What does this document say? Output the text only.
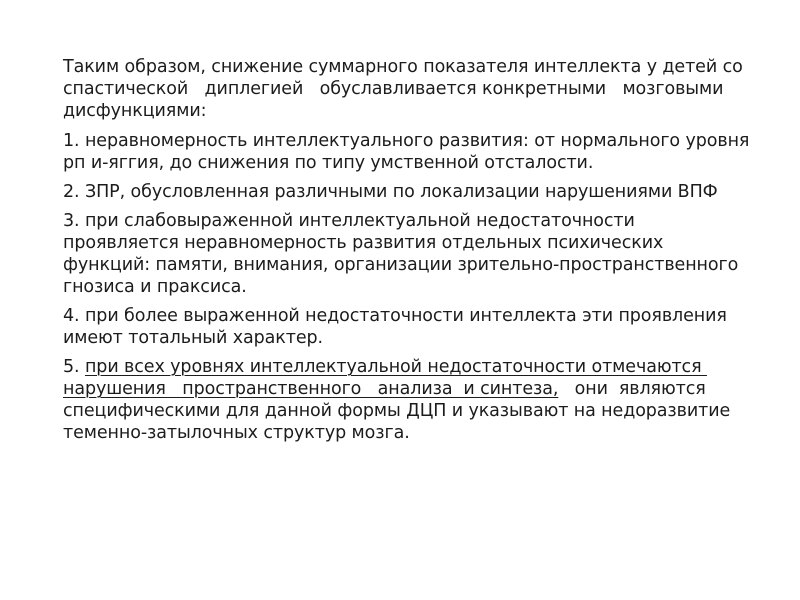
Таким образом, снижение суммарного показателя интеллекта у детей со спастической   диплегией   обуславливается конкретными   мозговыми дисфункциями:

1. неравномерность интеллектуального развития: от нормального уровня рп и-яггия, до снижения по типу умственной отсталости.

2. ЗПР, обусловленная различными по локализации нарушениями ВПФ

3. при слабовыраженной интеллектуальной недостаточности проявляется неравномерность развития отдельных психических функций: памяти, внимания, организации зрительно-пространственного гнозиса и праксиса.

4. при более выраженной недостаточности интеллекта эти проявления имеют тотальный характер.

5. при всех уровнях интеллектуальной недостаточности отмечаются нарушения   пространственного   анализа  и синтеза,   они  являются специфическими для данной формы ДЦП и указывают на недоразвитие теменно-затылочных структур мозга.
